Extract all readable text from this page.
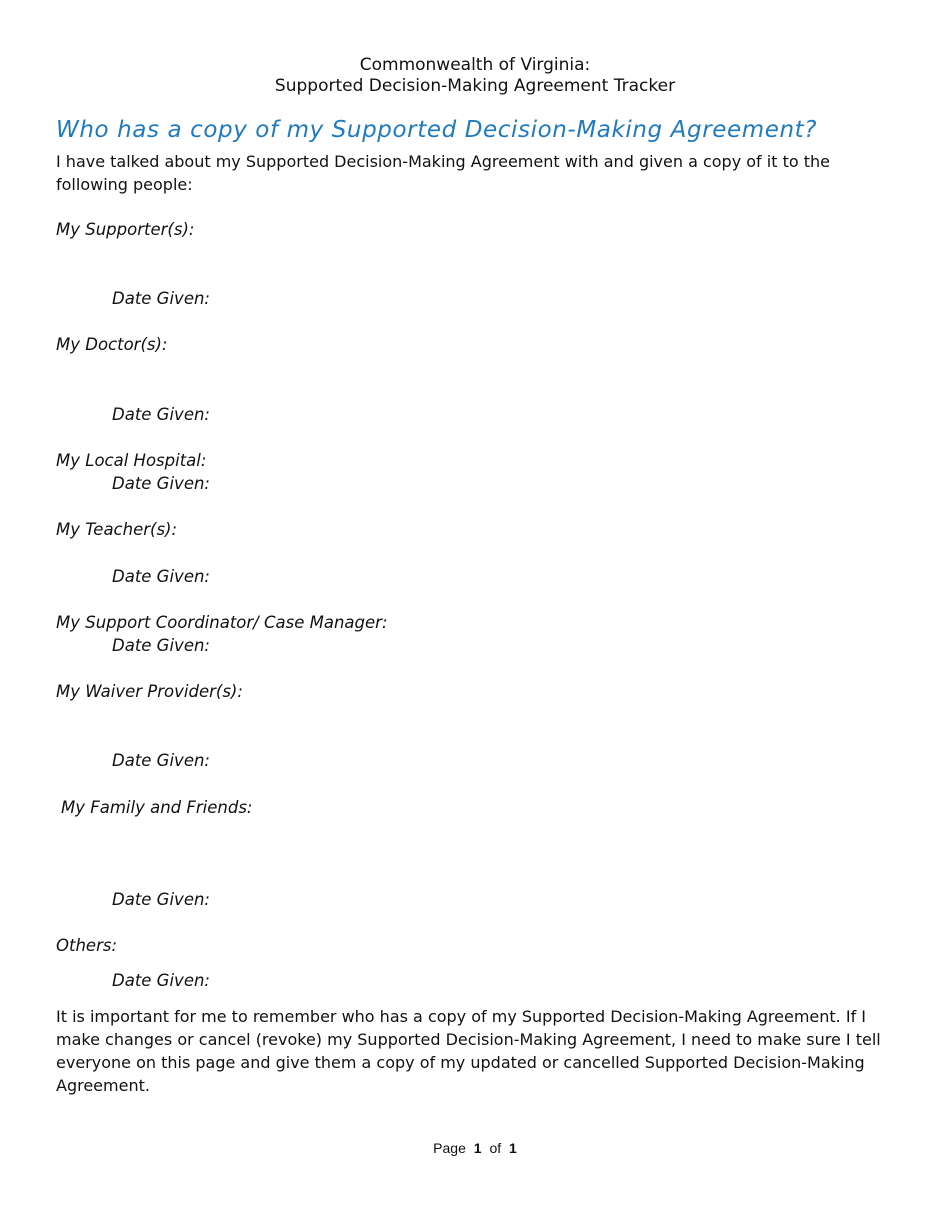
Commonwealth of Virginia:
Supported Decision-Making Agreement Tracker
Who has a copy of my Supported Decision-Making Agreement?
I have talked about my Supported Decision-Making Agreement with and given a copy of it to the following people:
My Supporter(s):
Date Given:
My Doctor(s):
Date Given:
My Local Hospital:
Date Given:
My Teacher(s):
Date Given:
My Support Coordinator/ Case Manager:
Date Given:
My Waiver Provider(s):
Date Given:
My Family and Friends:
Date Given:
Others:
Date Given:
It is important for me to remember who has a copy of my Supported Decision-Making Agreement. If I make changes or cancel (revoke) my Supported Decision-Making Agreement, I need to make sure I tell everyone on this page and give them a copy of my updated or cancelled Supported Decision-Making Agreement.
Page 1 of 1
